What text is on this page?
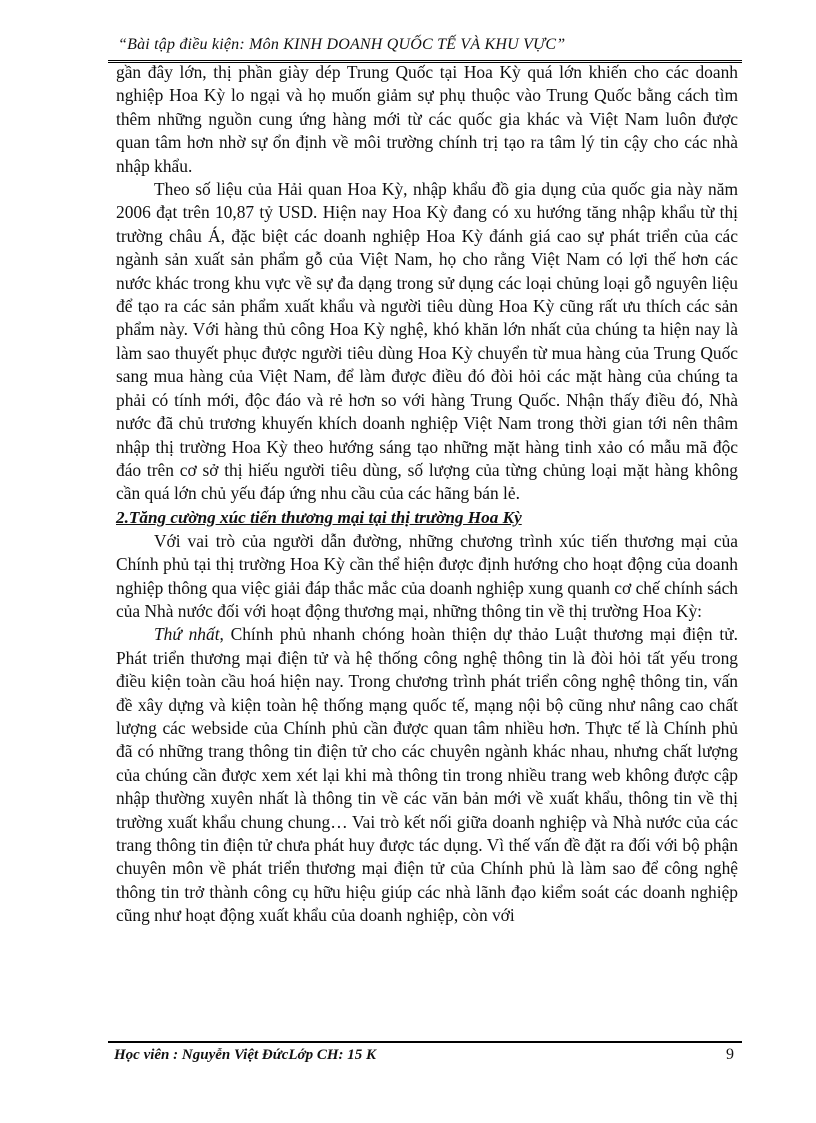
“Bài tập điều kiện: Môn KINH DOANH QUỐC TẾ VÀ KHU VỰC”

gần đây lớn, thị phần giày dép Trung Quốc tại Hoa Kỳ quá lớn khiến cho các doanh nghiệp Hoa Kỳ lo ngại và họ muốn giảm sự phụ thuộc vào Trung Quốc bằng cách tìm thêm những nguồn cung ứng hàng mới từ các quốc gia khác và Việt Nam luôn được quan tâm hơn nhờ sự ổn định về môi trường chính trị tạo ra tâm lý tin cậy cho các nhà nhập khẩu.

Theo số liệu của Hải quan Hoa Kỳ, nhập khẩu đồ gia dụng của quốc gia này năm 2006 đạt trên 10,87 tỷ USD. Hiện nay Hoa Kỳ đang có xu hướng tăng nhập khẩu từ thị trường châu Á, đặc biệt các doanh nghiệp Hoa Kỳ đánh giá cao sự phát triển của các ngành sản xuất sản phẩm gỗ của Việt Nam, họ cho rằng Việt Nam có lợi thế hơn các nước khác trong khu vực về sự đa dạng trong sử dụng các loại chủng loại gỗ nguyên liệu để tạo ra các sản phẩm xuất khẩu và người tiêu dùng Hoa Kỳ cũng rất ưu thích các sản phẩm này. Với hàng thủ công Hoa Kỳ nghệ, khó khăn lớn nhất của chúng ta hiện nay là làm sao thuyết phục được người tiêu dùng Hoa Kỳ chuyển từ mua hàng của Trung Quốc sang mua hàng của Việt Nam, để làm được điều đó đòi hỏi các mặt hàng của chúng ta phải có tính mới, độc đáo và rẻ hơn so với hàng Trung Quốc. Nhận thấy điều đó, Nhà nước đã chủ trương khuyến khích doanh nghiệp Việt Nam trong thời gian tới nên thâm nhập thị trường Hoa Kỳ theo hướng sáng tạo những mặt hàng tinh xảo có mẫu mã độc đáo trên cơ sở thị hiếu người tiêu dùng, số lượng của từng chủng loại mặt hàng không cần quá lớn chủ yếu đáp ứng nhu cầu của các hãng bán lẻ.

2.Tăng cường xúc tiến thương mại tại thị trường Hoa Kỳ

Với vai trò của người dẫn đường, những chương trình xúc tiến thương mại của Chính phủ tại thị trường Hoa Kỳ cần thể hiện được định hướng cho hoạt động của doanh nghiệp thông qua việc giải đáp thắc mắc của doanh nghiệp xung quanh cơ chế chính sách của Nhà nước đối với hoạt động thương mại, những thông tin về thị trường Hoa Kỳ:

Thứ nhất, Chính phủ nhanh chóng hoàn thiện dự thảo Luật thương mại điện tử. Phát triển thương mại điện tử và hệ thống công nghệ thông tin là đòi hỏi tất yếu trong điều kiện toàn cầu hoá hiện nay. Trong chương trình phát triển công nghệ thông tin, vấn đề xây dựng và kiện toàn hệ thống mạng quốc tế, mạng nội bộ cũng như nâng cao chất lượng các webside của Chính phủ cần được quan tâm nhiều hơn. Thực tế là Chính phủ đã có những trang thông tin điện tử cho các chuyên ngành khác nhau, nhưng chất lượng của chúng cần được xem xét lại khi mà thông tin trong nhiều trang web không được cập nhập thường xuyên nhất là thông tin về các văn bản mới về xuất khẩu, thông tin về thị trường xuất khẩu chung chung… Vai trò kết nối giữa doanh nghiệp và Nhà nước của các trang thông tin điện tử chưa phát huy được tác dụng. Vì thế vấn đề đặt ra đối với bộ phận chuyên môn về phát triển thương mại điện tử của Chính phủ là làm sao để công nghệ thông tin trở thành công cụ hữu hiệu giúp các nhà lãnh đạo kiểm soát các doanh nghiệp cũng như hoạt động xuất khẩu của doanh nghiệp, còn với

Học viên : Nguyễn Việt ĐứcLớp CH: 15 K	9
